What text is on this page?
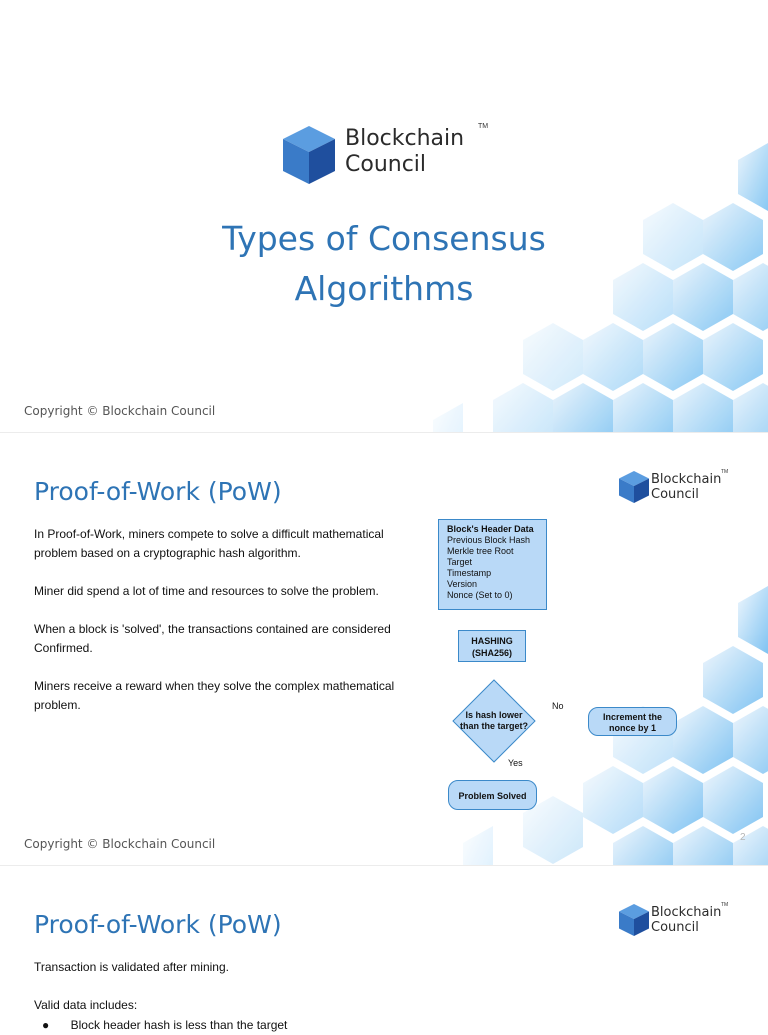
Blockchain
Council
TM
Types of Consensus
Algorithms
Copyright © Blockchain Council
Proof-of-Work (PoW)	Blockchain
Council
TM

In Proof-of-Work, miners compete to solve a difficult mathematical problem based on a cryptographic hash algorithm.

Miner did spend a lot of time and resources to solve the problem.

When a block is 'solved', the transactions contained are considered Confirmed.

Miners receive a reward when they solve the complex mathematical problem.

Block's Header Data
Previous Block Hash
Merkle tree Root
Target
Timestamp
Version
Nonce (Set to 0)
HASHING
(SHA256)
Is hash lower
than the target?
No
Yes
Increment the
nonce by 1
Problem Solved
Copyright © Blockchain Council	2
Proof-of-Work (PoW)	Blockchain
Council
TM

Transaction is validated after mining.

Valid data includes:

● Block header hash is less than the target
